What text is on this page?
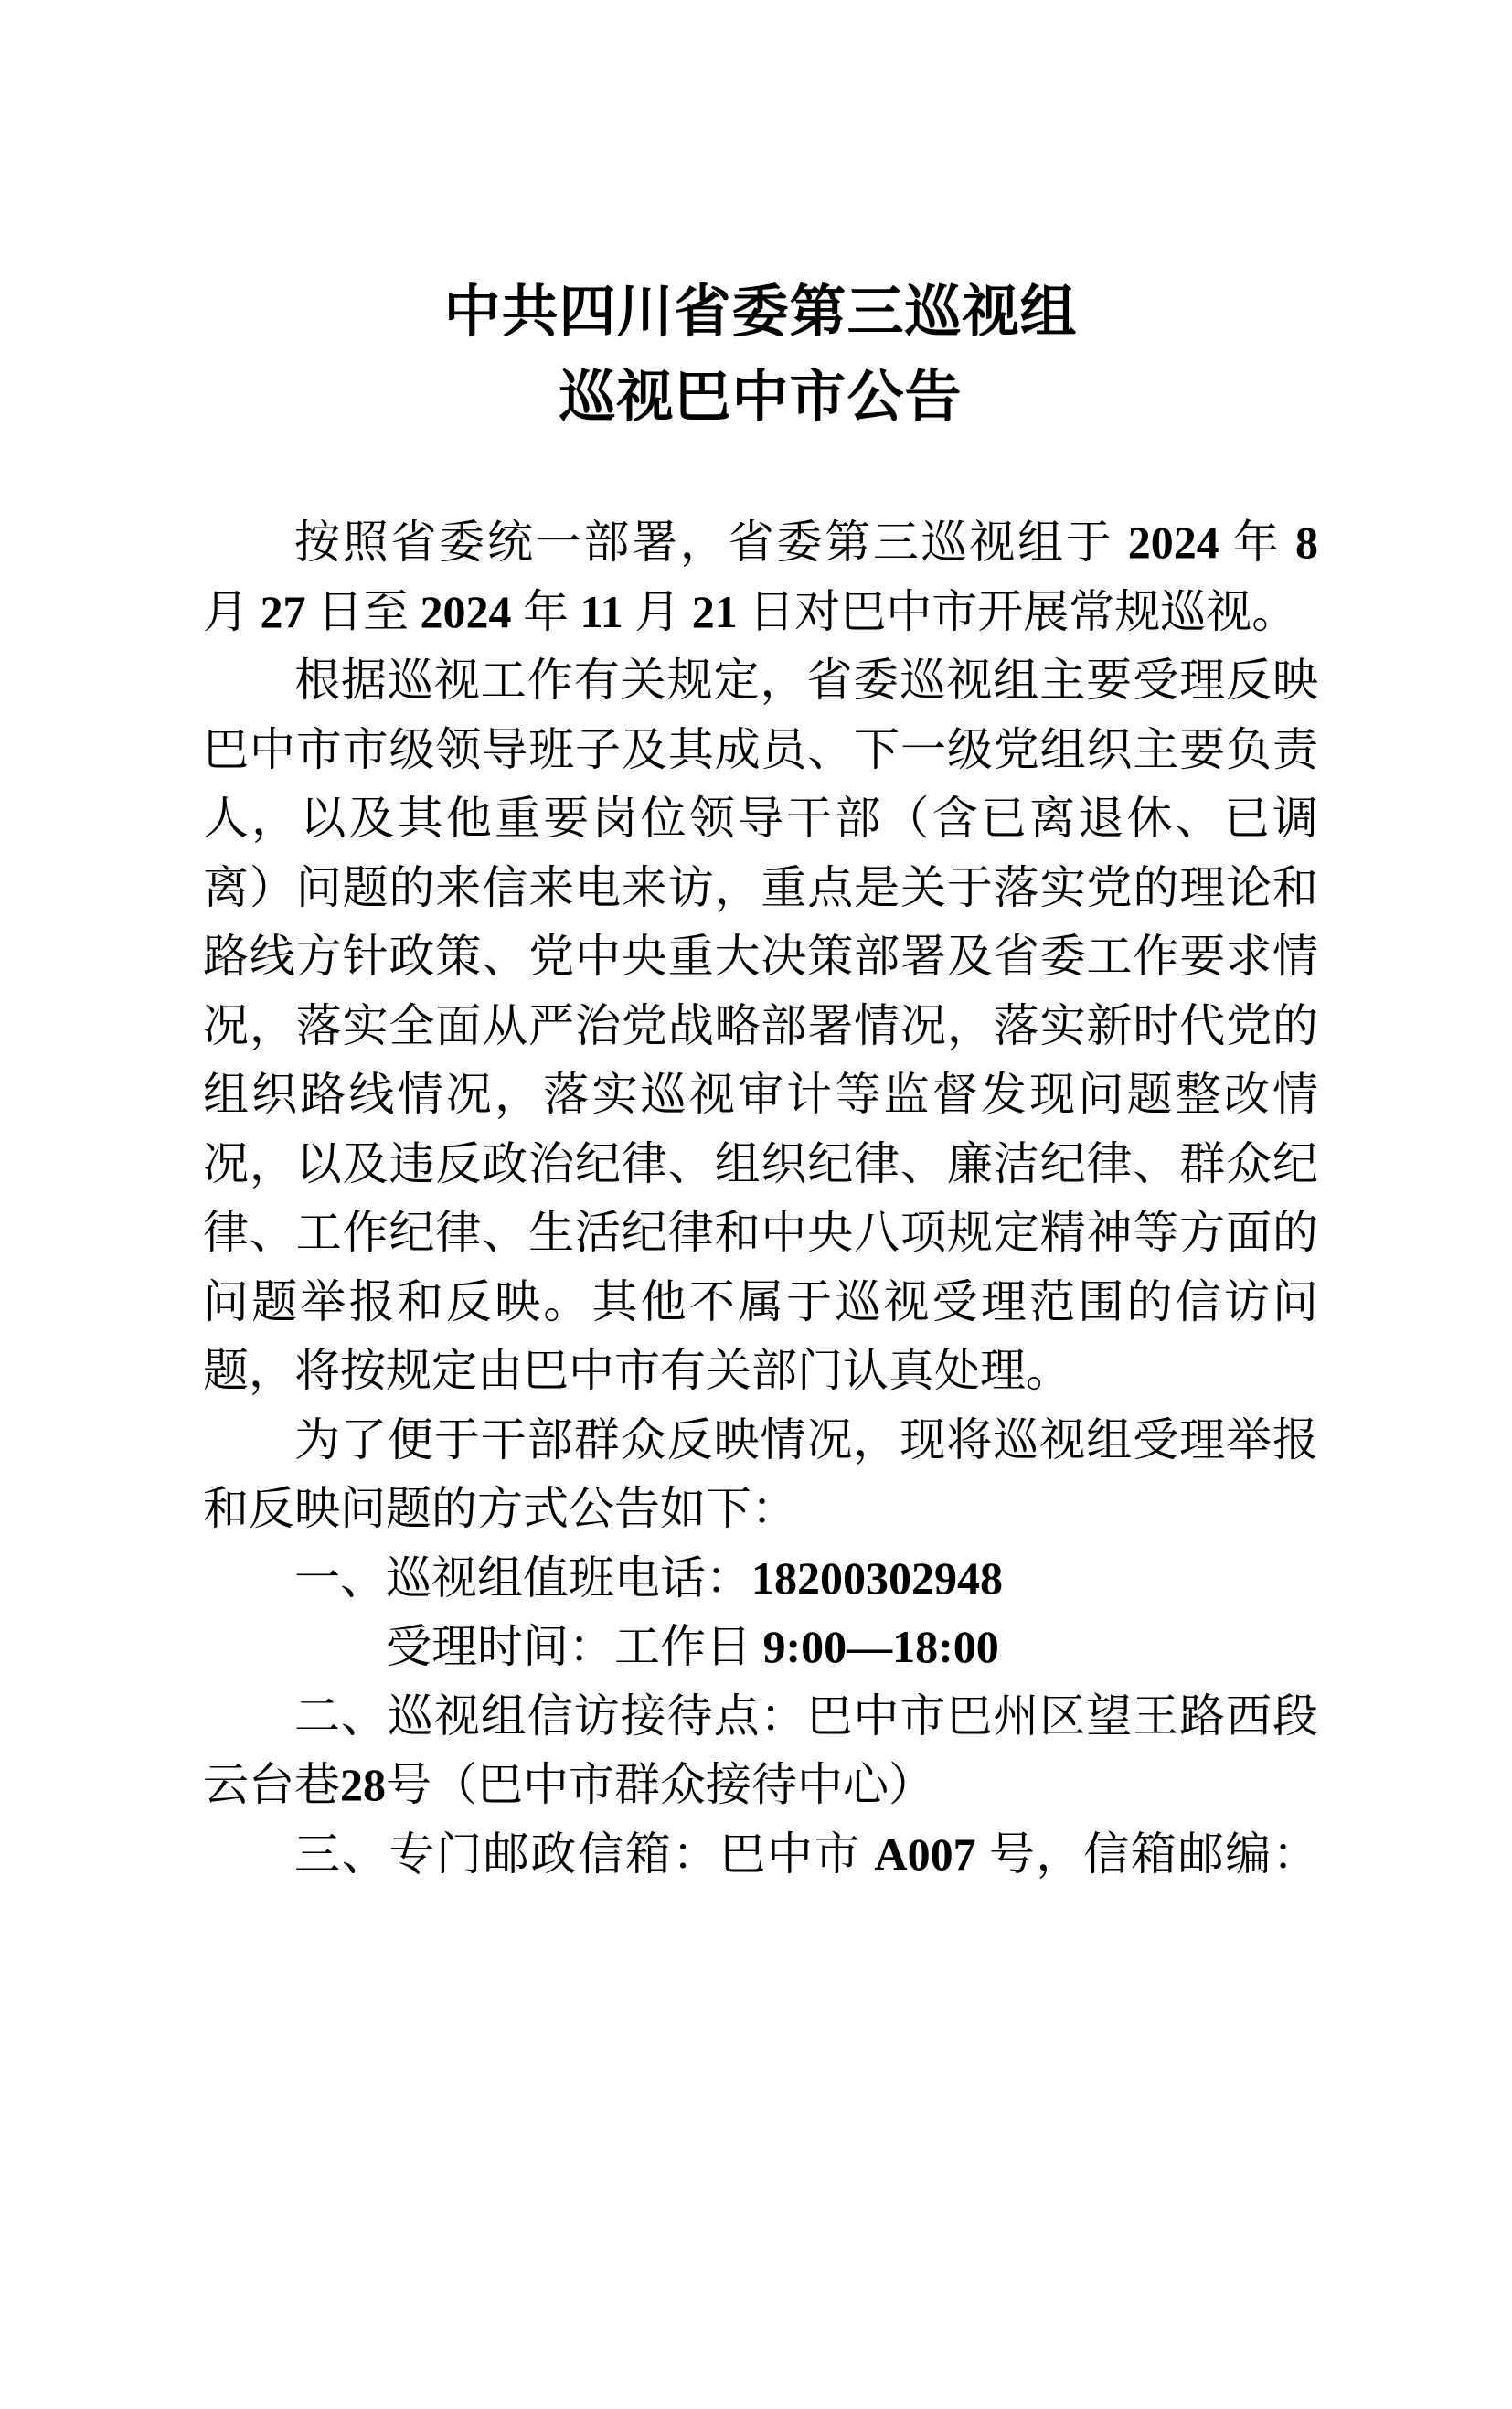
中共四川省委第三巡视组
巡视巴中市公告
按照省委统一部署，省委第三巡视组于 2024 年 8
月 27 日至 2024 年 11 月 21 日对巴中市开展常规巡视。
根据巡视工作有关规定，省委巡视组主要受理反映
巴中市市级领导班子及其成员、下一级党组织主要负责
人，以及其他重要岗位领导干部（含已离退休、已调
离）问题的来信来电来访，重点是关于落实党的理论和
路线方针政策、党中央重大决策部署及省委工作要求情
况，落实全面从严治党战略部署情况，落实新时代党的
组织路线情况，落实巡视审计等监督发现问题整改情
况，以及违反政治纪律、组织纪律、廉洁纪律、群众纪
律、工作纪律、生活纪律和中央八项规定精神等方面的
问题举报和反映。其他不属于巡视受理范围的信访问
题，将按规定由巴中市有关部门认真处理。
为了便于干部群众反映情况，现将巡视组受理举报
和反映问题的方式公告如下：
一、巡视组值班电话：18200302948
受理时间：工作日 9:00—18:00
二、巡视组信访接待点：巴中市巴州区望王路西段
云台巷28号（巴中市群众接待中心）
三、专门邮政信箱：巴中市 A007 号，信箱邮编：
